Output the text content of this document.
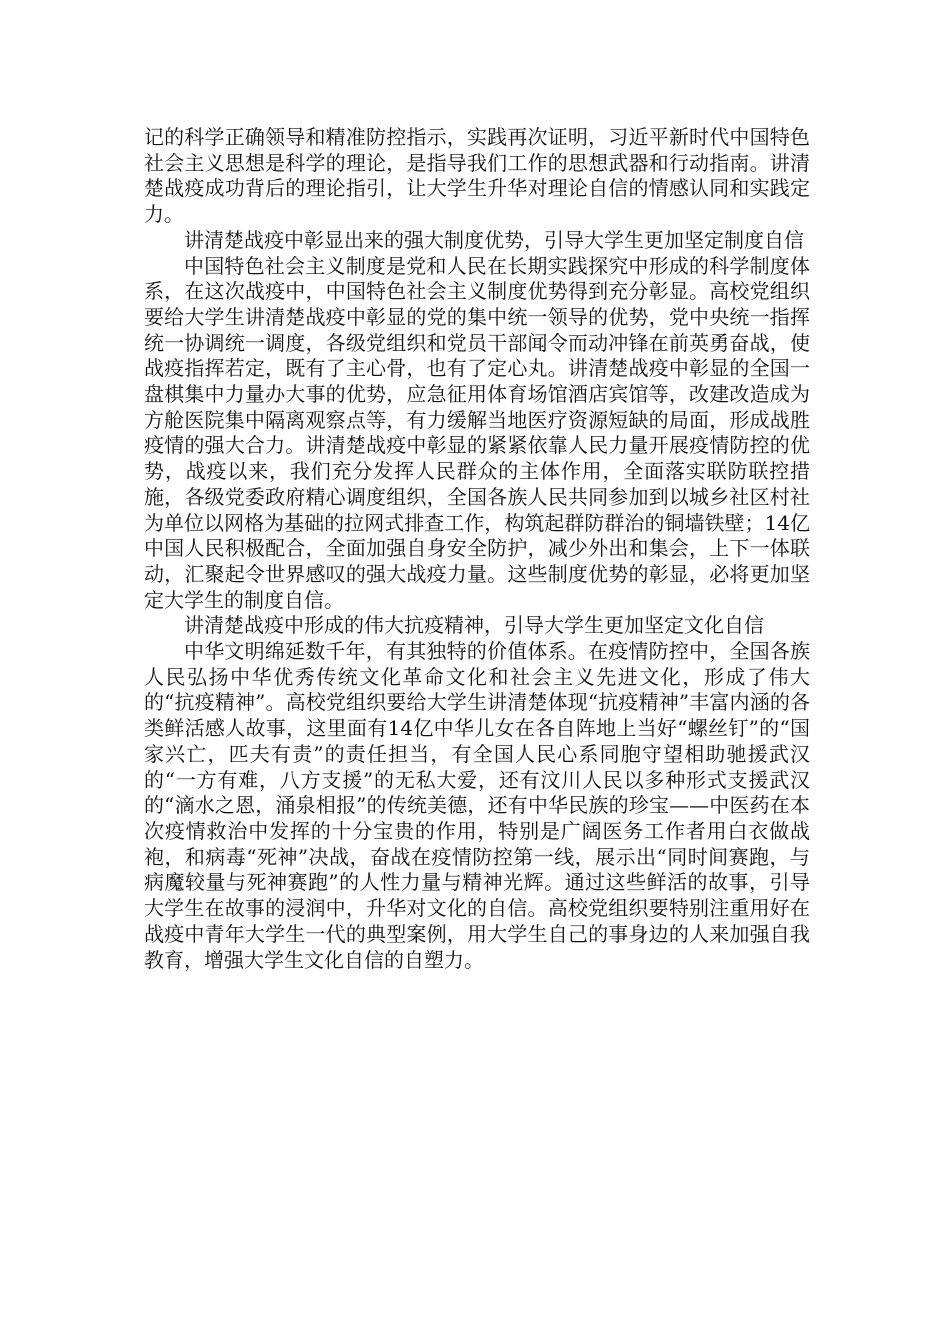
记的科学正确领导和精准防控指示，实践再次证明，习近平新时代中国特色社会主义思想是科学的理论，是指导我们工作的思想武器和行动指南。讲清楚战疫成功背后的理论指引，让大学生升华对理论自信的情感认同和实践定力。

讲清楚战疫中彰显出来的强大制度优势，引导大学生更加坚定制度自信

中国特色社会主义制度是党和人民在长期实践探究中形成的科学制度体系，在这次战疫中，中国特色社会主义制度优势得到充分彰显。高校党组织要给大学生讲清楚战疫中彰显的党的集中统一领导的优势，党中央统一指挥统一协调统一调度，各级党组织和党员干部闻令而动冲锋在前英勇奋战，使战疫指挥若定，既有了主心骨，也有了定心丸。讲清楚战疫中彰显的全国一盘棋集中力量办大事的优势，应急征用体育场馆酒店宾馆等，改建改造成为方舱医院集中隔离观察点等，有力缓解当地医疗资源短缺的局面，形成战胜疫情的强大合力。讲清楚战疫中彰显的紧紧依靠人民力量开展疫情防控的优势，战疫以来，我们充分发挥人民群众的主体作用，全面落实联防联控措施，各级党委政府精心调度组织，全国各族人民共同参加到以城乡社区村社为单位以网格为基础的拉网式排查工作，构筑起群防群治的铜墙铁壁；14亿中国人民积极配合，全面加强自身安全防护，减少外出和集会，上下一体联动，汇聚起令世界感叹的强大战疫力量。这些制度优势的彰显，必将更加坚定大学生的制度自信。

讲清楚战疫中形成的伟大抗疫精神，引导大学生更加坚定文化自信

中华文明绵延数千年，有其独特的价值体系。在疫情防控中，全国各族人民弘扬中华优秀传统文化革命文化和社会主义先进文化，形成了伟大的“抗疫精神”。高校党组织要给大学生讲清楚体现“抗疫精神”丰富内涵的各类鲜活感人故事，这里面有14亿中华儿女在各自阵地上当好“螺丝钉”的“国家兴亡，匹夫有责”的责任担当，有全国人民心系同胞守望相助驰援武汉的“一方有难，八方支援”的无私大爱，还有汶川人民以多种形式支援武汉的“滴水之恩，涌泉相报”的传统美德，还有中华民族的珍宝——中医药在本次疫情救治中发挥的十分宝贵的作用，特别是广阔医务工作者用白衣做战袍，和病毒“死神”决战，奋战在疫情防控第一线，展示出“同时间赛跑，与病魔较量与死神赛跑”的人性力量与精神光辉。通过这些鲜活的故事，引导大学生在故事的浸润中，升华对文化的自信。高校党组织要特别注重用好在战疫中青年大学生一代的典型案例，用大学生自己的事身边的人来加强自我教育，增强大学生文化自信的自塑力。
